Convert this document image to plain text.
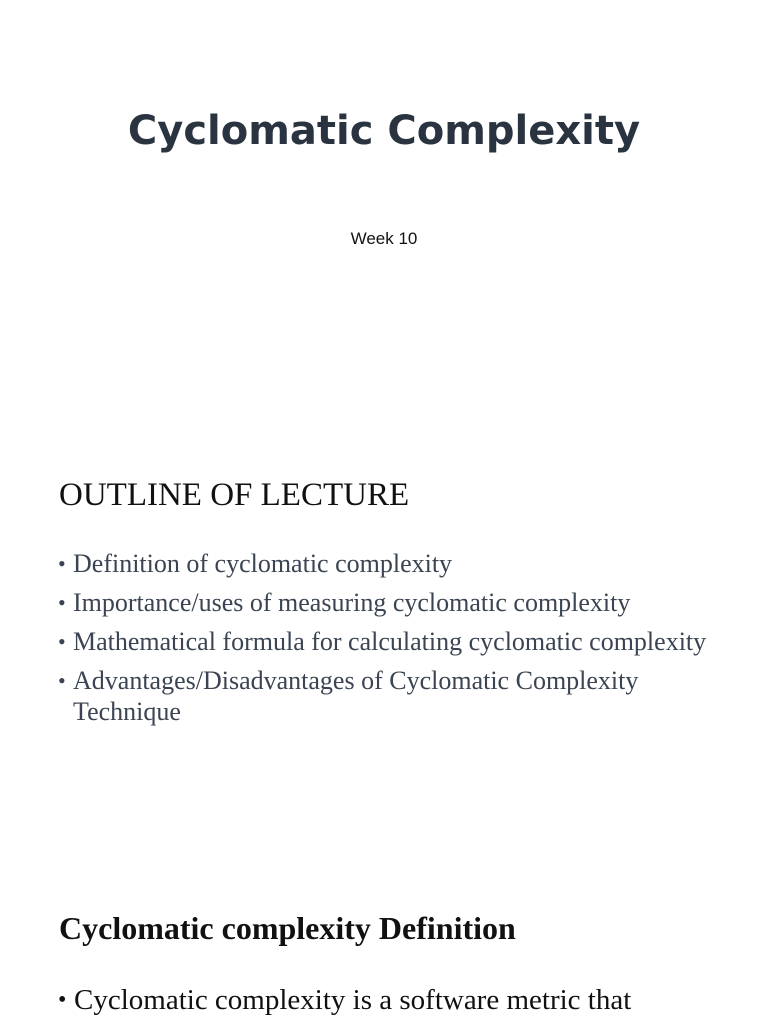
Cyclomatic Complexity
Week 10
OUTLINE OF LECTURE
• Definition of cyclomatic complexity
• Importance/uses of measuring cyclomatic complexity
• Mathematical formula for calculating cyclomatic complexity
• Advantages/Disadvantages of Cyclomatic Complexity Technique
Cyclomatic complexity Definition
• Cyclomatic complexity is a software metric that
